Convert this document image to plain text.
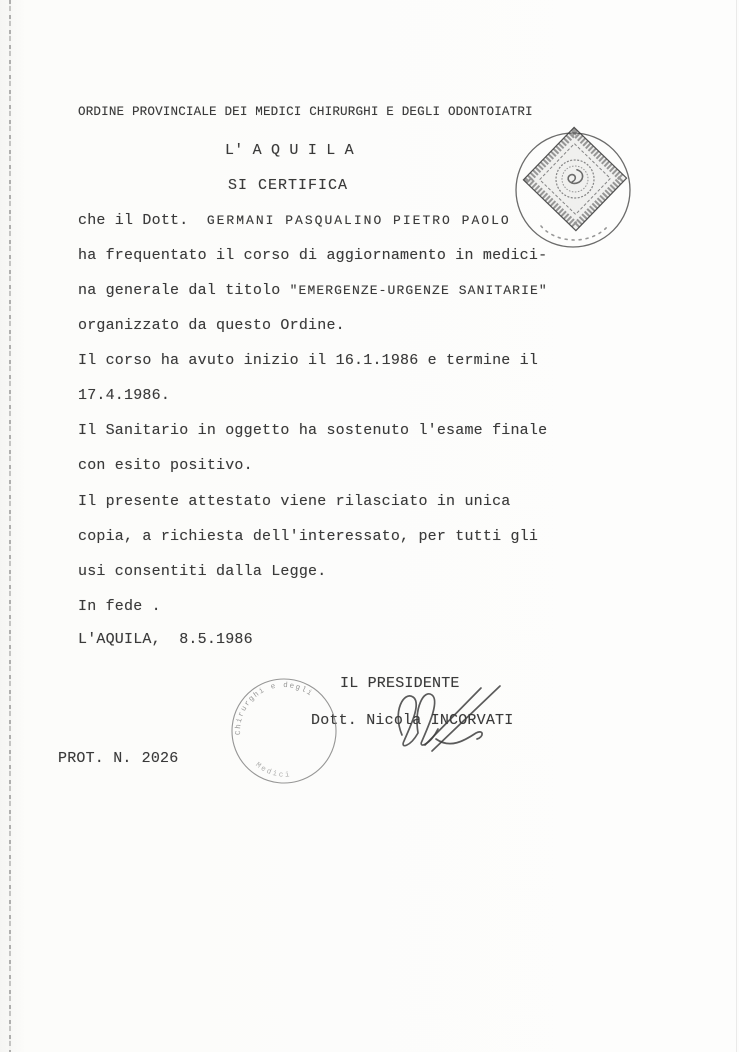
ORDINE PROVINCIALE DEI MEDICI CHIRURGHI E DEGLI ODONTOIATRI
L' A Q U I L A
SI CERTIFICA
che il Dott.  GERMANI PASQUALINO PIETRO PAOLO
ha frequentato il corso di aggiornamento in medici-
na generale dal titolo "EMERGENZE-URGENZE SANITARIE"
organizzato da questo Ordine.
Il corso ha avuto inizio il 16.1.1986 e termine il
17.4.1986.
Il Sanitario in oggetto ha sostenuto l'esame finale
con esito positivo.
Il presente attestato viene rilasciato in unica
copia, a richiesta dell'interessato, per tutti gli
usi consentiti dalla Legge.
In fede .
L'AQUILA,  8.5.1986
IL PRESIDENTE
Dott. Nicola INCORVATI
PROT. N. 2026
Chirurghi e degli
Medici
